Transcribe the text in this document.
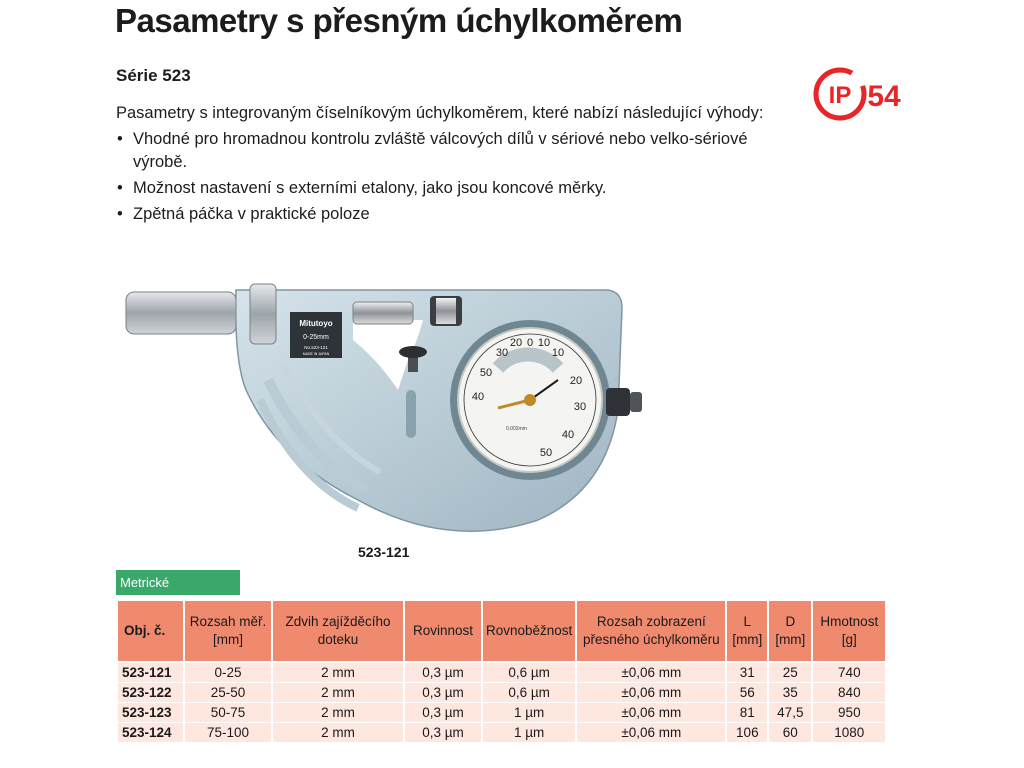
Pasametry s přesným úchylkoměrem
Série 523
IP 54

Pasametry s integrovaným číselníkovým úchylkoměrem, které nabízí následující výhody:

• Vhodné pro hromadnou kontrolu zvláště válcových dílů v sériové nebo velko-sériové výrobě.
• Možnost nastavení s externími etalony, jako jsou koncové měrky.
• Zpětná páčka v praktické poloze
Mitutoyo
0-25mm
No.523-121
MADE IN JAPAN
0
10
20
30
40
50
50
40
30
20 10
0.002mm
523-121
Metrické
Obj. č.	Rozsah měř. [mm]	Zdvih zajížděcího doteku	Rovinnost	Rovnoběžnost	Rozsah zobrazení přesného úchylkoměru	L [mm]	D [mm]	Hmotnost [g]
523-121	0-25	2 mm	0,3 µm	0,6 µm	±0,06 mm	31	25	740
523-122	25-50	2 mm	0,3 µm	0,6 µm	±0,06 mm	56	35	840
523-123	50-75	2 mm	0,3 µm	1 µm	±0,06 mm	81	47,5	950
523-124	75-100	2 mm	0,3 µm	1 µm	±0,06 mm	106	60	1080
